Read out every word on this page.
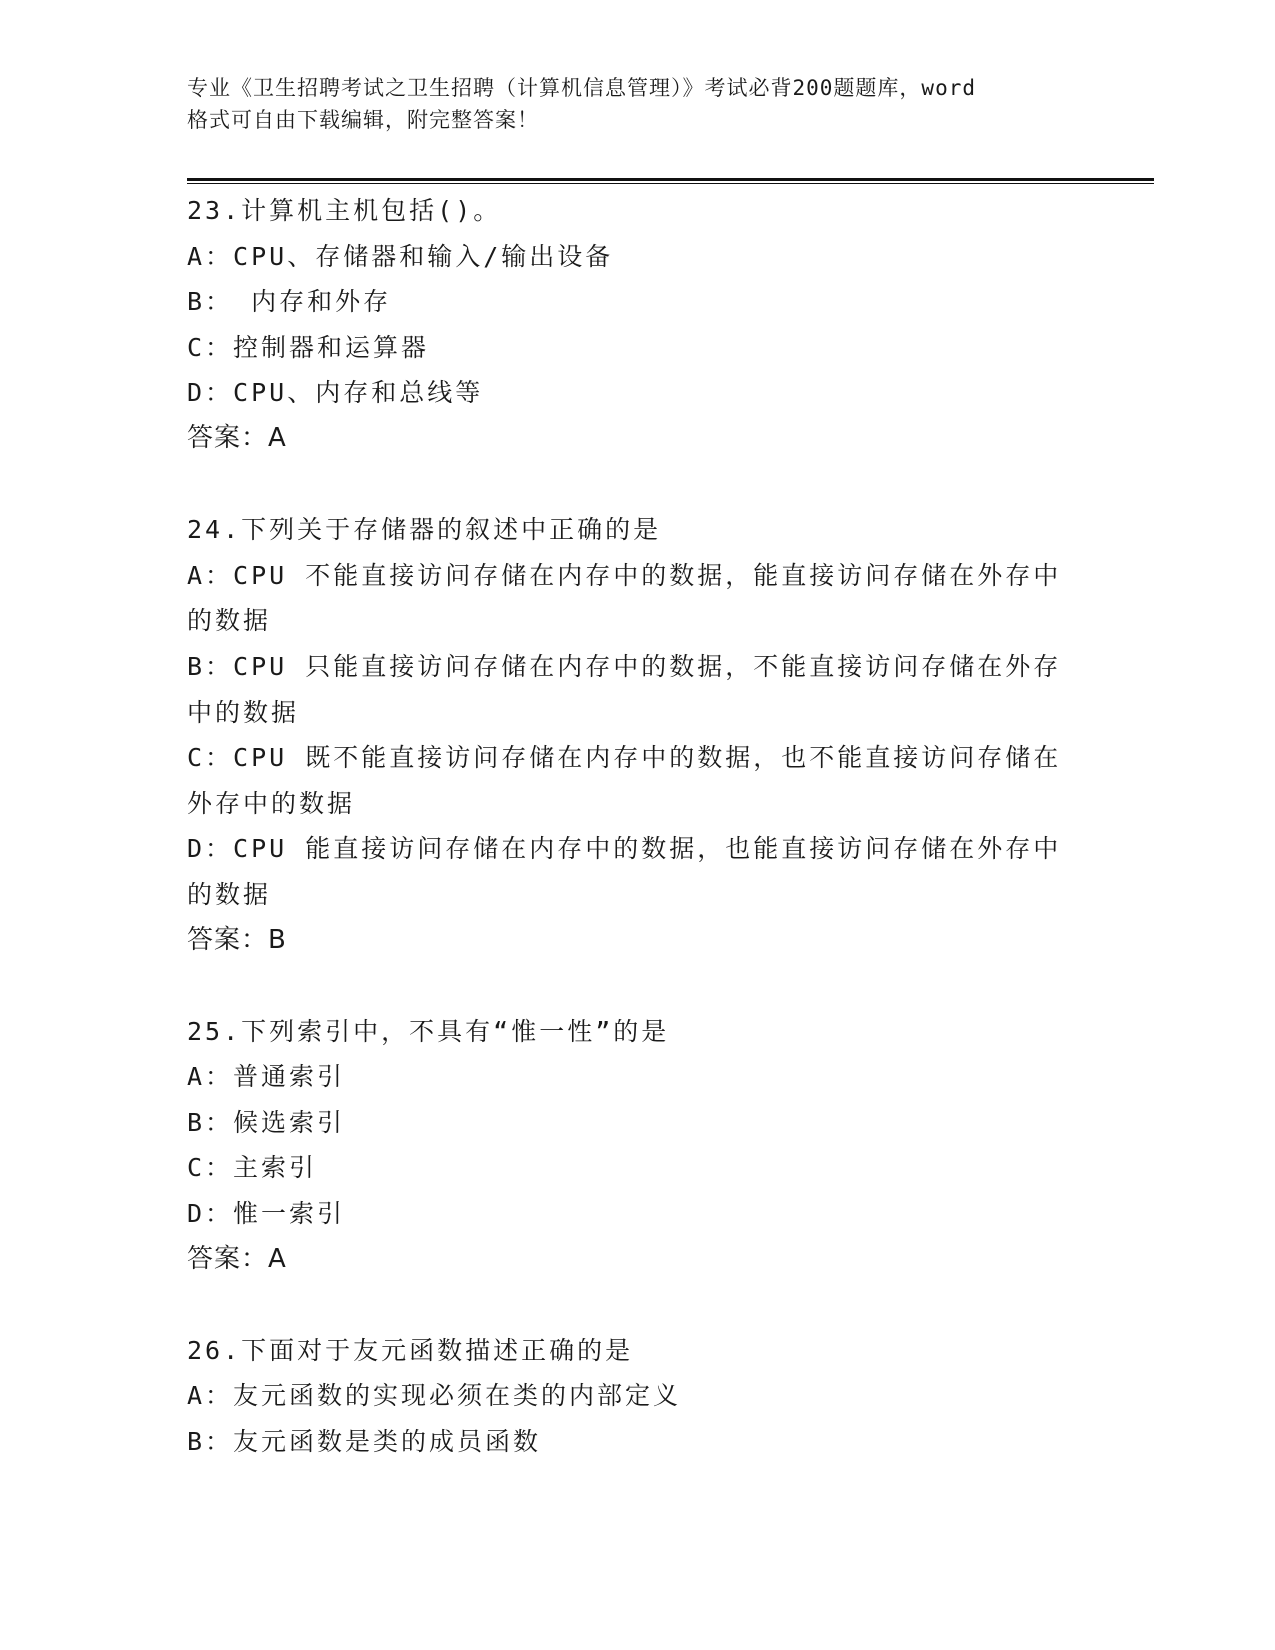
专业《卫生招聘考试之卫生招聘（计算机信息管理）》考试必背200题题库，word
格式可自由下载编辑，附完整答案！
23.计算机主机包括()。
A：CPU、存储器和输入/输出设备
B： 内存和外存
C：控制器和运算器
D：CPU、内存和总线等
答案：A
24.下列关于存储器的叙述中正确的是
A：CPU 不能直接访问存储在内存中的数据，能直接访问存储在外存中
的数据
B：CPU 只能直接访问存储在内存中的数据，不能直接访问存储在外存
中的数据
C：CPU 既不能直接访问存储在内存中的数据，也不能直接访问存储在
外存中的数据
D：CPU 能直接访问存储在内存中的数据，也能直接访问存储在外存中
的数据
答案：B
25.下列索引中，不具有“惟一性”的是
A：普通索引
B：候选索引
C：主索引
D：惟一索引
答案：A
26.下面对于友元函数描述正确的是
A：友元函数的实现必须在类的内部定义
B：友元函数是类的成员函数
